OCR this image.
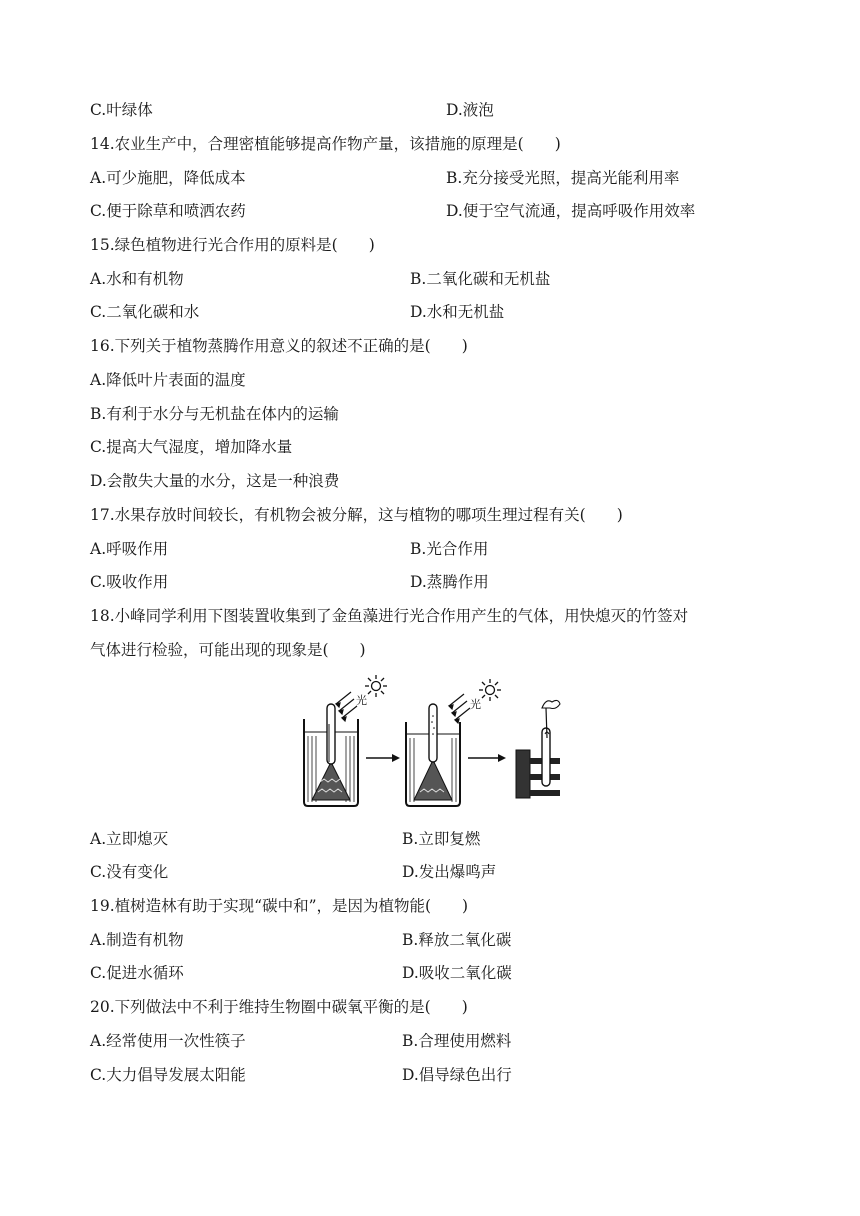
C.叶绿体	D.液泡
14.农业生产中，合理密植能够提高作物产量，该措施的原理是(　　)
A.可少施肥，降低成本	B.充分接受光照，提高光能利用率
C.便于除草和喷洒农药	D.便于空气流通，提高呼吸作用效率
15.绿色植物进行光合作用的原料是(　　)
A.水和有机物	B.二氧化碳和无机盐
C.二氧化碳和水	D.水和无机盐
16.下列关于植物蒸腾作用意义的叙述不正确的是(　　)
A.降低叶片表面的温度
B.有利于水分与无机盐在体内的运输
C.提高大气湿度，增加降水量
D.会散失大量的水分，这是一种浪费
17.水果存放时间较长，有机物会被分解，这与植物的哪项生理过程有关(　　)
A.呼吸作用	B.光合作用
C.吸收作用	D.蒸腾作用
18.小峰同学利用下图装置收集到了金鱼藻进行光合作用产生的气体，用快熄灭的竹签对
气体进行检验，可能出现的现象是(　　)
光	光
A.立即熄灭	B.立即复燃
C.没有变化	D.发出爆鸣声
19.植树造林有助于实现“碳中和”，是因为植物能(　　)
A.制造有机物	B.释放二氧化碳
C.促进水循环	D.吸收二氧化碳
20.下列做法中不利于维持生物圈中碳氧平衡的是(　　)
A.经常使用一次性筷子	B.合理使用燃料
C.大力倡导发展太阳能	D.倡导绿色出行
